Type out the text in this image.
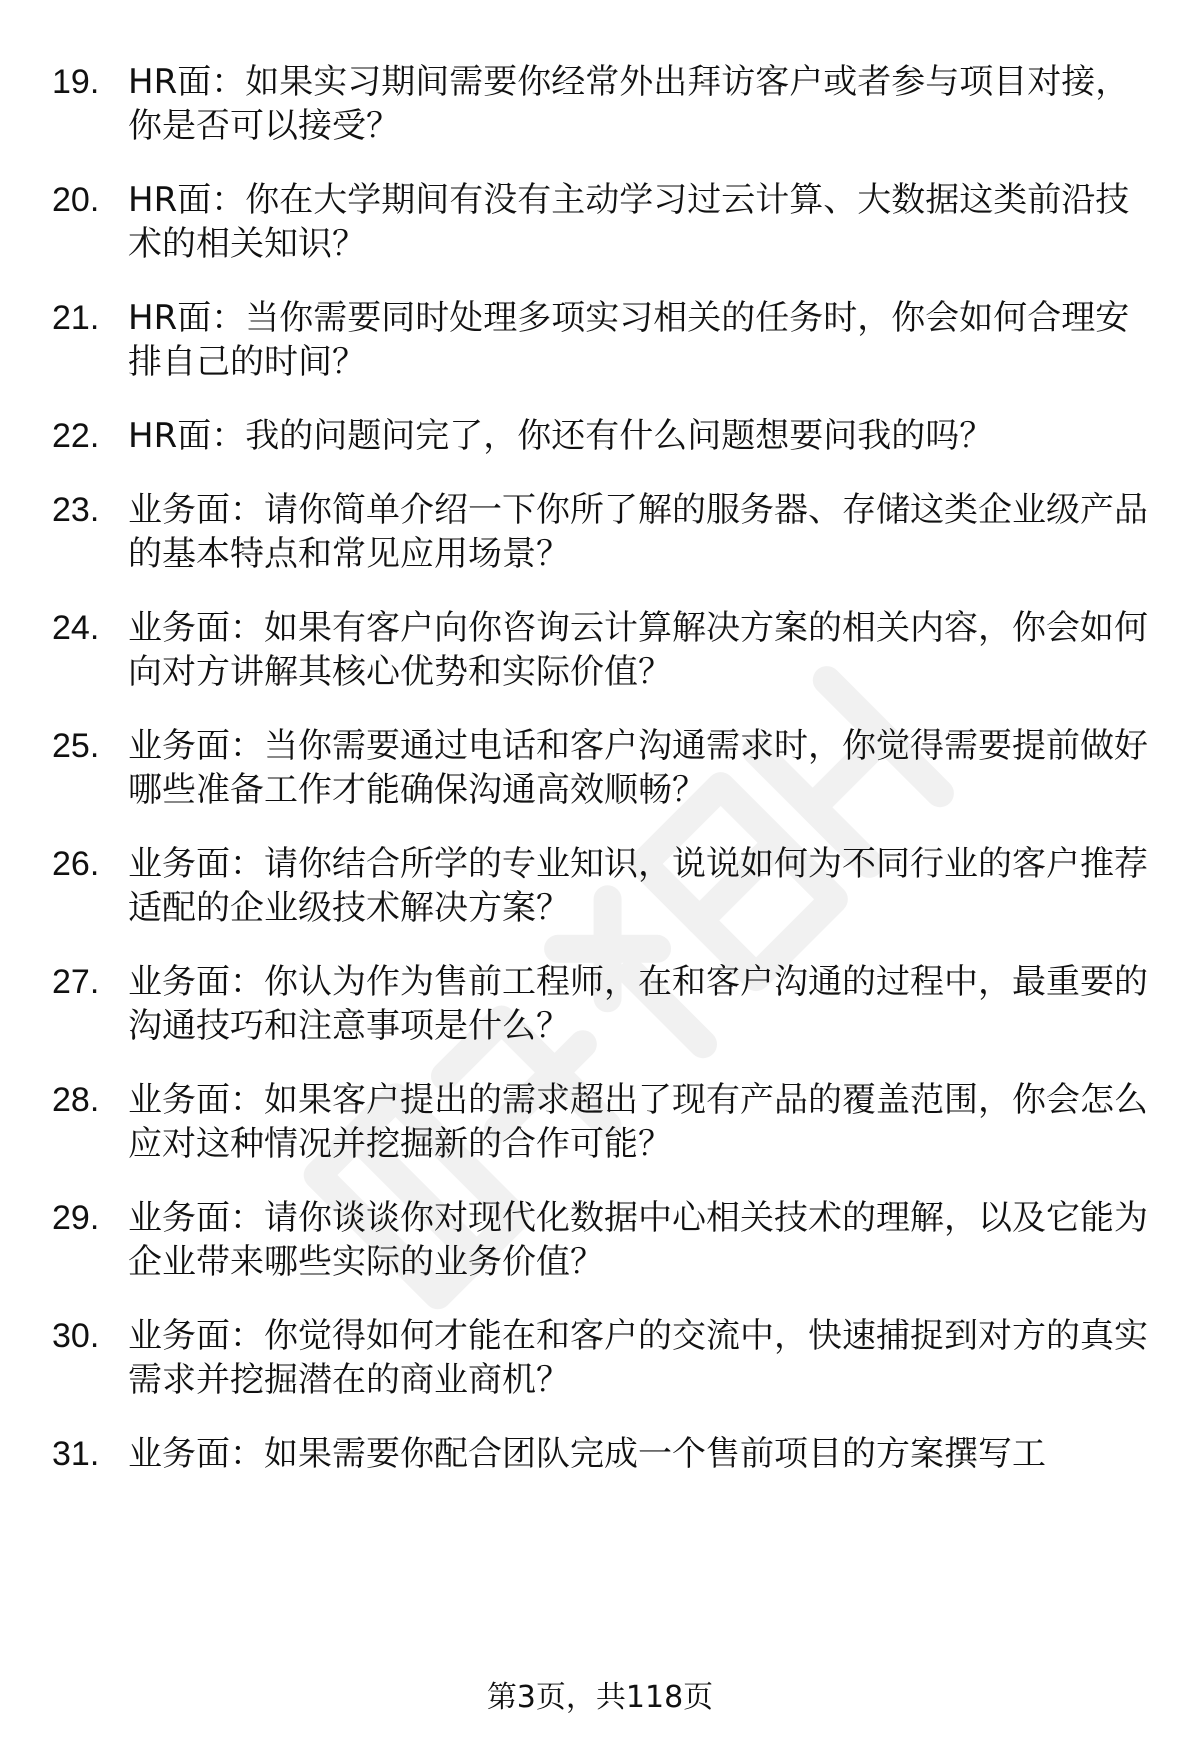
19. HR面：如果实习期间需要你经常外出拜访客户或者参与项目对接，你是否可以接受？
20. HR面：你在大学期间有没有主动学习过云计算、大数据这类前沿技术的相关知识？
21. HR面：当你需要同时处理多项实习相关的任务时，你会如何合理安排自己的时间？
22. HR面：我的问题问完了，你还有什么问题想要问我的吗？
23. 业务面：请你简单介绍一下你所了解的服务器、存储这类企业级产品的基本特点和常见应用场景？
24. 业务面：如果有客户向你咨询云计算解决方案的相关内容，你会如何向对方讲解其核心优势和实际价值？
25. 业务面：当你需要通过电话和客户沟通需求时，你觉得需要提前做好哪些准备工作才能确保沟通高效顺畅？
26. 业务面：请你结合所学的专业知识，说说如何为不同行业的客户推荐适配的企业级技术解决方案？
27. 业务面：你认为作为售前工程师，在和客户沟通的过程中，最重要的沟通技巧和注意事项是什么？
28. 业务面：如果客户提出的需求超出了现有产品的覆盖范围，你会怎么应对这种情况并挖掘新的合作可能？
29. 业务面：请你谈谈你对现代化数据中心相关技术的理解，以及它能为企业带来哪些实际的业务价值？
30. 业务面：你觉得如何才能在和客户的交流中，快速捕捉到对方的真实需求并挖掘潜在的商业商机？
31. 业务面：如果需要你配合团队完成一个售前项目的方案撰写工
第3页，共118页
